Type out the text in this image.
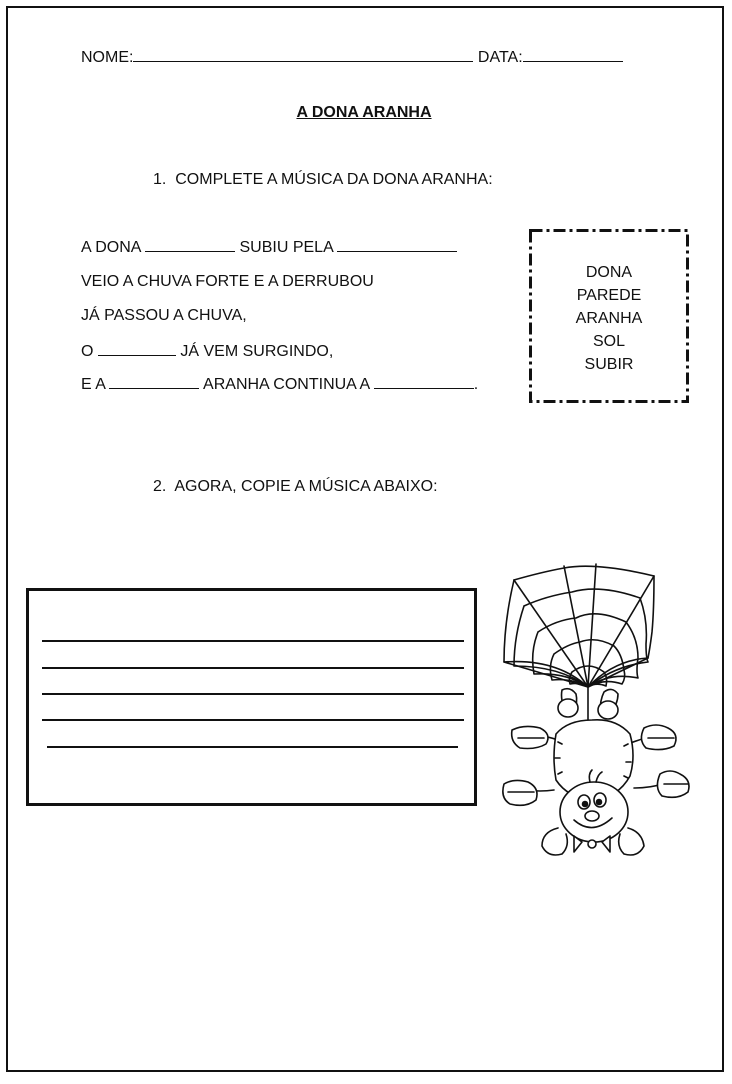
NOME:	DATA:
A DONA ARANHA
1. COMPLETE A MÚSICA DA DONA ARANHA:
A DONA	SUBIU PELA
VEIO A CHUVA FORTE E A DERRUBOU
JÁ PASSOU A CHUVA,
O	JÁ VEM SURGINDO,
E A	ARANHA CONTINUA A	.
DONA
PAREDE
ARANHA
SOL
SUBIR
2. AGORA, COPIE A MÚSICA ABAIXO:
